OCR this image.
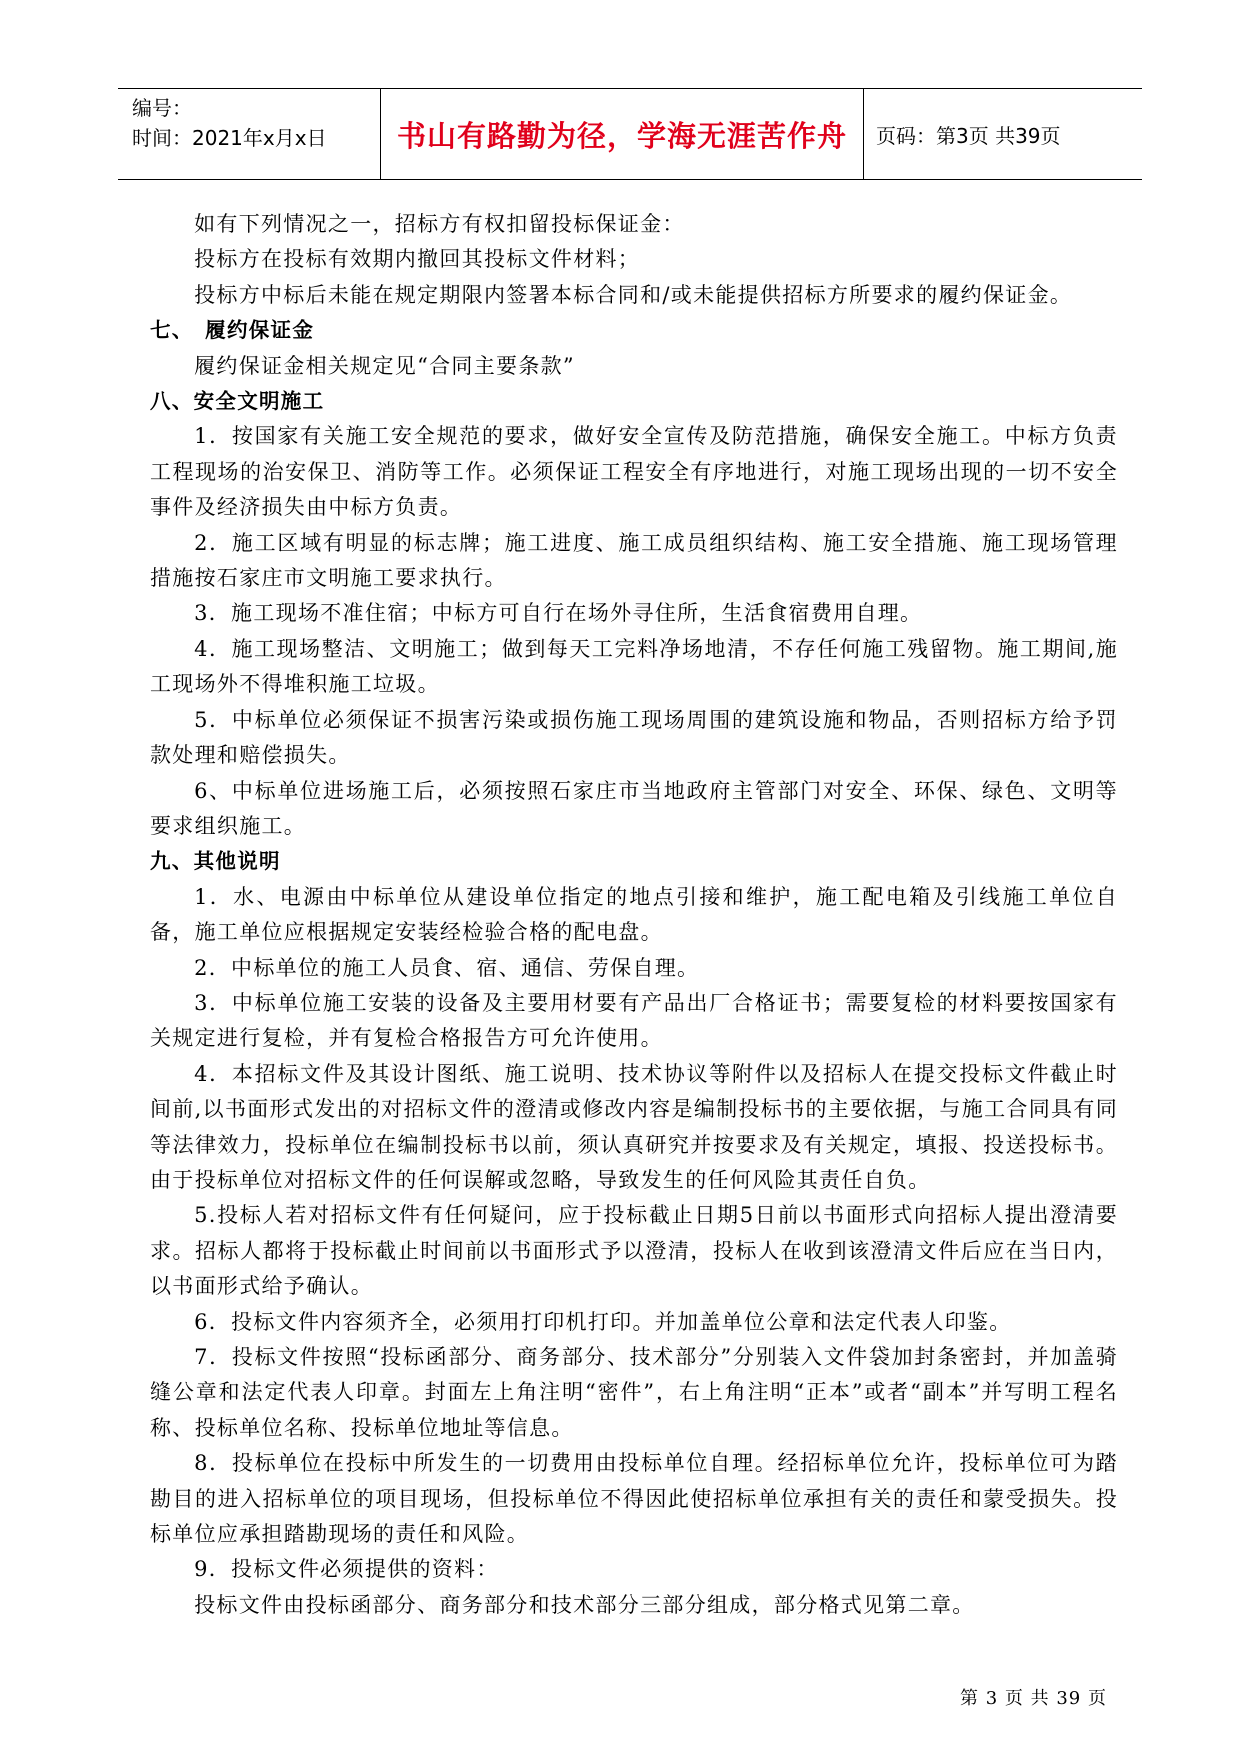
编号：
时间：2021年x月x日	书山有路勤为径，学海无涯苦作舟	页码：第3页 共39页

如有下列情况之一，招标方有权扣留投标保证金：

投标方在投标有效期内撤回其投标文件材料；

投标方中标后未能在规定期限内签署本标合同和/或未能提供招标方所要求的履约保证金。

七、　履约保证金

履约保证金相关规定见“合同主要条款”

八、安全文明施工

1．按国家有关施工安全规范的要求，做好安全宣传及防范措施，确保安全施工。中标方负责工程现场的治安保卫、消防等工作。必须保证工程安全有序地进行，对施工现场出现的一切不安全事件及经济损失由中标方负责。

2．施工区域有明显的标志牌；施工进度、施工成员组织结构、施工安全措施、施工现场管理措施按石家庄市文明施工要求执行。

3．施工现场不准住宿；中标方可自行在场外寻住所，生活食宿费用自理。

4．施工现场整洁、文明施工；做到每天工完料净场地清，不存任何施工残留物。施工期间,施工现场外不得堆积施工垃圾。

5．中标单位必须保证不损害污染或损伤施工现场周围的建筑设施和物品，否则招标方给予罚款处理和赔偿损失。

6、中标单位进场施工后，必须按照石家庄市当地政府主管部门对安全、环保、绿色、文明等要求组织施工。

九、其他说明

1．水、电源由中标单位从建设单位指定的地点引接和维护，施工配电箱及引线施工单位自备，施工单位应根据规定安装经检验合格的配电盘。

2．中标单位的施工人员食、宿、通信、劳保自理。

3．中标单位施工安装的设备及主要用材要有产品出厂合格证书；需要复检的材料要按国家有关规定进行复检，并有复检合格报告方可允许使用。

4．本招标文件及其设计图纸、施工说明、技术协议等附件以及招标人在提交投标文件截止时间前,以书面形式发出的对招标文件的澄清或修改内容是编制投标书的主要依据，与施工合同具有同等法律效力，投标单位在编制投标书以前，须认真研究并按要求及有关规定，填报、投送投标书。由于投标单位对招标文件的任何误解或忽略，导致发生的任何风险其责任自负。

5.投标人若对招标文件有任何疑问，应于投标截止日期5日前以书面形式向招标人提出澄清要求。招标人都将于投标截止时间前以书面形式予以澄清，投标人在收到该澄清文件后应在当日内，以书面形式给予确认。

6．投标文件内容须齐全，必须用打印机打印。并加盖单位公章和法定代表人印鉴。

7．投标文件按照“投标函部分、商务部分、技术部分”分别装入文件袋加封条密封，并加盖骑缝公章和法定代表人印章。封面左上角注明“密件”，右上角注明“正本”或者“副本”并写明工程名称、投标单位名称、投标单位地址等信息。

8．投标单位在投标中所发生的一切费用由投标单位自理。经招标单位允许，投标单位可为踏勘目的进入招标单位的项目现场，但投标单位不得因此使招标单位承担有关的责任和蒙受损失。投标单位应承担踏勘现场的责任和风险。

9．投标文件必须提供的资料：

投标文件由投标函部分、商务部分和技术部分三部分组成，部分格式见第二章。

第 3 页 共 39 页
